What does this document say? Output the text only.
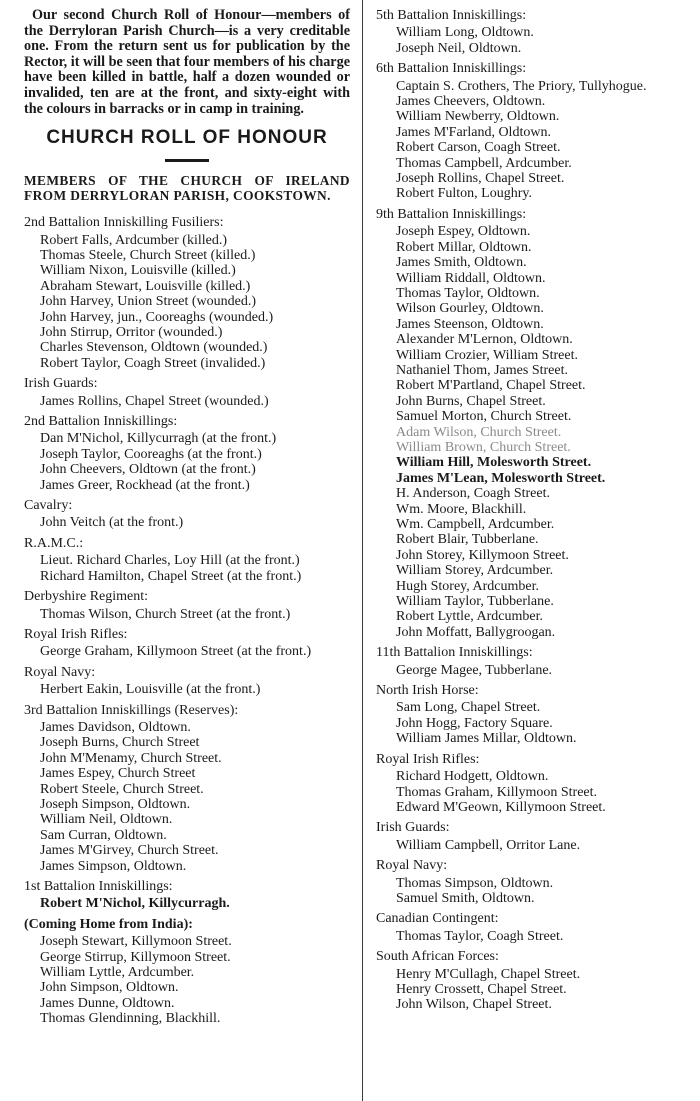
Our second Church Roll of Honour—members of the Derryloran Parish Church—is a very creditable one. From the return sent us for publication by the Rector, it will be seen that four members of his charge have been killed in battle, half a dozen wounded or invalided, ten are at the front, and sixty-eight with the colours in barracks or in camp in training.

CHURCH ROLL OF HONOUR
MEMBERS OF THE CHURCH OF IRELAND FROM DERRYLORAN PARISH, COOKSTOWN.
2nd Battalion Inniskilling Fusiliers:
Robert Falls, Ardcumber (killed.)
Thomas Steele, Church Street (killed.)
William Nixon, Louisville (killed.)
Abraham Stewart, Louisville (killed.)
John Harvey, Union Street (wounded.)
John Harvey, jun., Cooreaghs (wounded.)
John Stirrup, Orritor (wounded.)
Charles Stevenson, Oldtown (wounded.)
Robert Taylor, Coagh Street (invalided.)
Irish Guards:
James Rollins, Chapel Street (wounded.)
2nd Battalion Inniskillings:
Dan M'Nichol, Killycurragh (at the front.)
Joseph Taylor, Cooreaghs (at the front.)
John Cheevers, Oldtown (at the front.)
James Greer, Rockhead (at the front.)
Cavalry:
John Veitch (at the front.)
R.A.M.C.:
Lieut. Richard Charles, Loy Hill (at the front.)
Richard Hamilton, Chapel Street (at the front.)
Derbyshire Regiment:
Thomas Wilson, Church Street (at the front.)
Royal Irish Rifles:
George Graham, Killymoon Street (at the front.)
Royal Navy:
Herbert Eakin, Louisville (at the front.)
3rd Battalion Inniskillings (Reserves):
James Davidson, Oldtown.
Joseph Burns, Church Street
John M'Menamy, Church Street.
James Espey, Church Street
Robert Steele, Church Street.
Joseph Simpson, Oldtown.
William Neil, Oldtown.
Sam Curran, Oldtown.
James M'Girvey, Church Street.
James Simpson, Oldtown.
1st Battalion Inniskillings:
Robert M'Nichol, Killycurragh.
(Coming Home from India):
Joseph Stewart, Killymoon Street.
George Stirrup, Killymoon Street.
William Lyttle, Ardcumber.
John Simpson, Oldtown.
James Dunne, Oldtown.
Thomas Glendinning, Blackhill.
5th Battalion Inniskillings:
William Long, Oldtown.
Joseph Neil, Oldtown.
6th Battalion Inniskillings:
Captain S. Crothers, The Priory, Tullyhogue.
James Cheevers, Oldtown.
William Newberry, Oldtown.
James M'Farland, Oldtown.
Robert Carson, Coagh Street.
Thomas Campbell, Ardcumber.
Joseph Rollins, Chapel Street.
Robert Fulton, Loughry.
9th Battalion Inniskillings:
Joseph Espey, Oldtown.
Robert Millar, Oldtown.
James Smith, Oldtown.
William Riddall, Oldtown.
Thomas Taylor, Oldtown.
Wilson Gourley, Oldtown.
James Steenson, Oldtown.
Alexander M'Lernon, Oldtown.
William Crozier, William Street.
Nathaniel Thom, James Street.
Robert M'Partland, Chapel Street.
John Burns, Chapel Street.
Samuel Morton, Church Street.
Adam Wilson, Church Street.
William Brown, Church Street.
William Hill, Molesworth Street.
James M'Lean, Molesworth Street.
H. Anderson, Coagh Street.
Wm. Moore, Blackhill.
Wm. Campbell, Ardcumber.
Robert Blair, Tubberlane.
John Storey, Killymoon Street.
William Storey, Ardcumber.
Hugh Storey, Ardcumber.
William Taylor, Tubberlane.
Robert Lyttle, Ardcumber.
John Moffatt, Ballygroogan.
11th Battalion Inniskillings:
George Magee, Tubberlane.
North Irish Horse:
Sam Long, Chapel Street.
John Hogg, Factory Square.
William James Millar, Oldtown.
Royal Irish Rifles:
Richard Hodgett, Oldtown.
Thomas Graham, Killymoon Street.
Edward M'Geown, Killymoon Street.
Irish Guards:
William Campbell, Orritor Lane.
Royal Navy:
Thomas Simpson, Oldtown.
Samuel Smith, Oldtown.
Canadian Contingent:
Thomas Taylor, Coagh Street.
South African Forces:
Henry M'Cullagh, Chapel Street.
Henry Crossett, Chapel Street.
John Wilson, Chapel Street.
